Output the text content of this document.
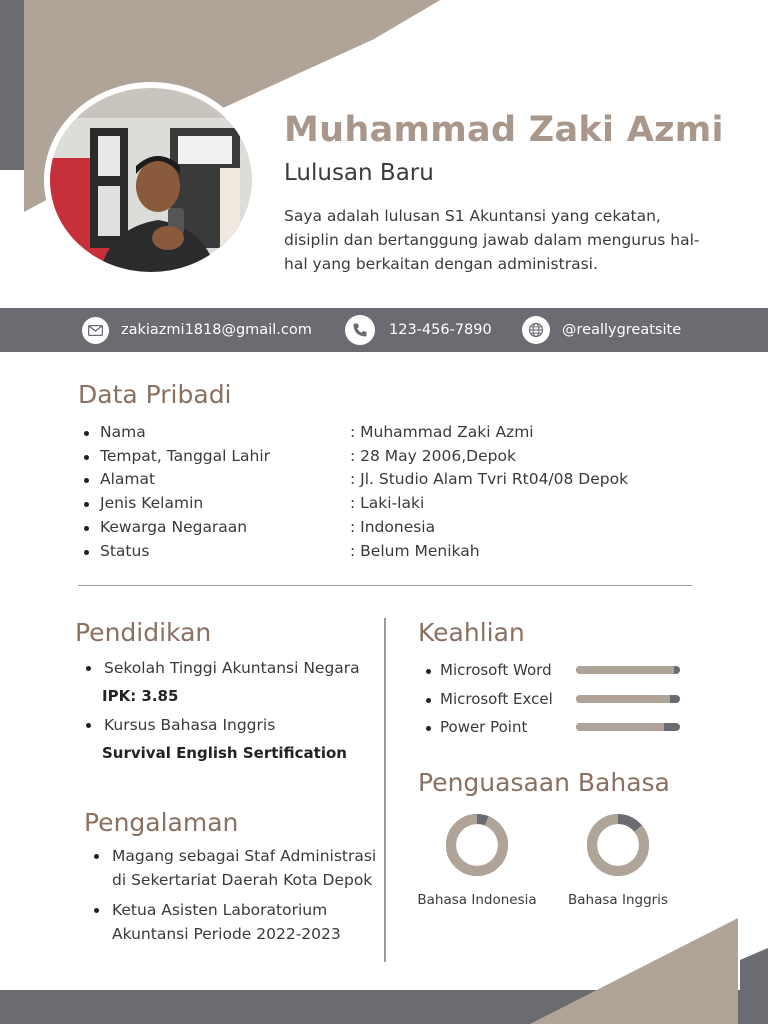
Muhammad Zaki Azmi
Lulusan Baru
Saya adalah lulusan S1 Akuntansi yang cekatan, disiplin dan bertanggung jawab dalam mengurus hal-hal yang berkaitan dengan administrasi.
zakiazmi1818@gmail.com	123-456-7890	@reallygreatsite
Data Pribadi
Nama	: Muhammad Zaki Azmi
Tempat, Tanggal Lahir	: 28 May 2006,Depok
Alamat	: Jl. Studio Alam Tvri Rt04/08 Depok
Jenis Kelamin	: Laki-laki
Kewarga Negaraan	: Indonesia
Status	: Belum Menikah
Pendidikan
Sekolah Tinggi Akuntansi Negara
IPK: 3.85
Kursus Bahasa Inggris
Survival English Sertification
Pengalaman
Magang sebagai Staf Administrasi di Sekertariat Daerah Kota Depok
Ketua Asisten Laboratorium Akuntansi Periode 2022-2023
Keahlian
Microsoft Word
Microsoft Excel
Power Point
Penguasaan Bahasa
Bahasa Indonesia	Bahasa Inggris
